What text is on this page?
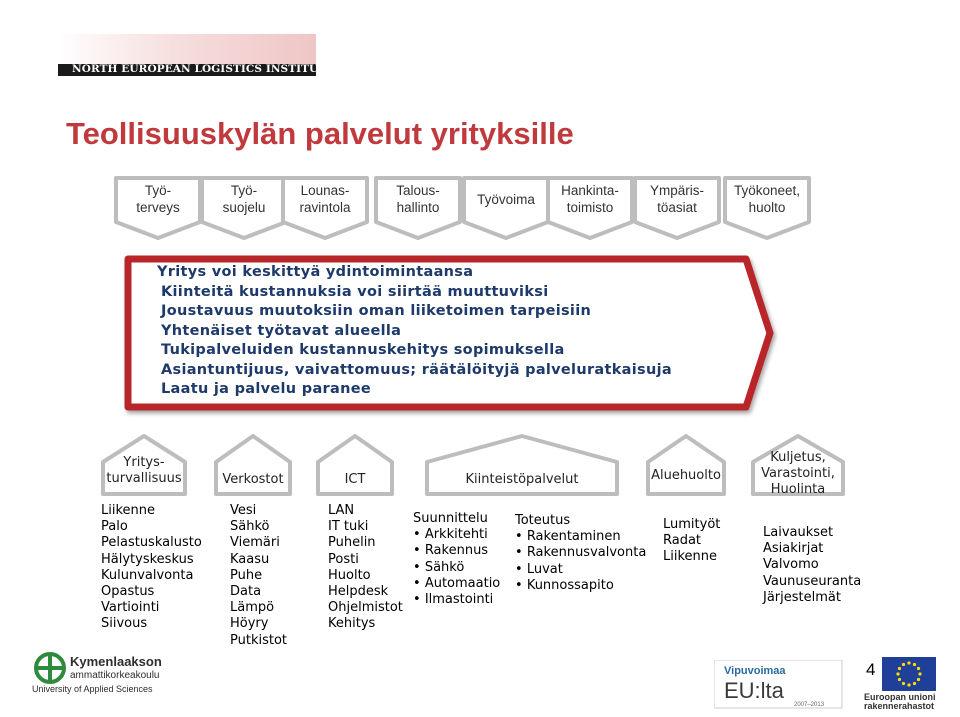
NORTH EUROPEAN LOGISTICS INSTITUTE
Teollisuuskylän palvelut yrityksille
Työ-
terveys
Työ-
suojelu
Lounas-
ravintola
Talous-
hallinto
Työvoima
Hankinta-
toimisto
Ympäris-
töasiat
Työkoneet,
huolto
Yritys voi keskittyä ydintoimintaansa
Kiinteitä kustannuksia voi siirtää muuttuviksi
Joustavuus muutoksiin oman liiketoimen tarpeisiin
Yhtenäiset työtavat alueella
Tukipalveluiden kustannuskehitys sopimuksella
Asiantuntijuus, vaivattomuus; räätälöityjä palveluratkaisuja
Laatu ja palvelu paranee
Yritys-
turvallisuus	Verkostot	ICT	Kiinteistöpalvelut	Aluehuolto
Kuljetus,
Varastointi,
Huolinta
Liikenne
Palo
Pelastuskalusto
Hälytyskeskus
Kulunvalvonta
Opastus
Vartiointi
Siivous
Vesi
Sähkö
Viemäri
Kaasu
Puhe
Data
Lämpö
Höyry
Putkistot
LAN
IT tuki
Puhelin
Posti
Huolto
Helpdesk
Ohjelmistot
Kehitys
Suunnittelu
• Arkkitehti
• Rakennus
• Sähkö
• Automaatio
• Ilmastointi
Toteutus
• Rakentaminen
• Rakennusvalvonta
• Luvat
• Kunnossapito
Lumityöt
Radat
Liikenne
Laivaukset
Asiakirjat
Valvomo
Vaunuseuranta
Järjestelmät
Kymenlaakson
ammattikorkeakoulu
University of Applied Sciences
4
Vipuvoimaa
EU:lta
2007–2013
Euroopan unioni
rakennerahastot
